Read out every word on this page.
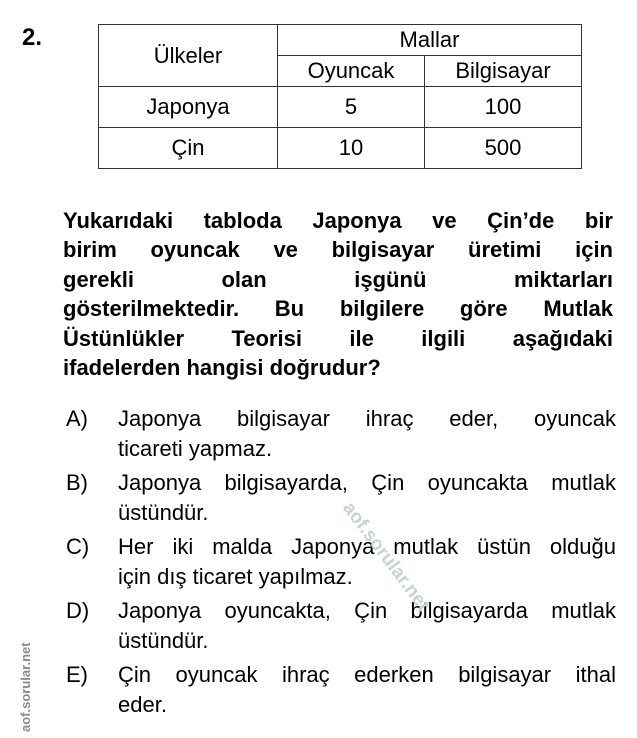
2.
Ülkeler	Mallar	
	Oyuncak	Bilgisayar
Japonya	5	100
Çin	10	500
Yukarıdaki tabloda Japonya ve Çin’de bir
birim oyuncak ve bilgisayar üretimi için
gerekli olan işgünü miktarları
gösterilmektedir. Bu bilgilere göre Mutlak
Üstünlükler Teorisi ile ilgili aşağıdaki
ifadelerden hangisi doğrudur?
A)	Japonya bilgisayar ihraç eder, oyuncak
ticareti yapmaz.
B)	Japonya bilgisayarda, Çin oyuncakta mutlak
üstündür.
C)	Her iki malda Japonya mutlak üstün olduğu
için dış ticaret yapılmaz.
D)	Japonya oyuncakta, Çin bilgisayarda mutlak
üstündür.
E)	Çin oyuncak ihraç ederken bilgisayar ithal
eder.
aof.sorular.net
aof.sorular.net
